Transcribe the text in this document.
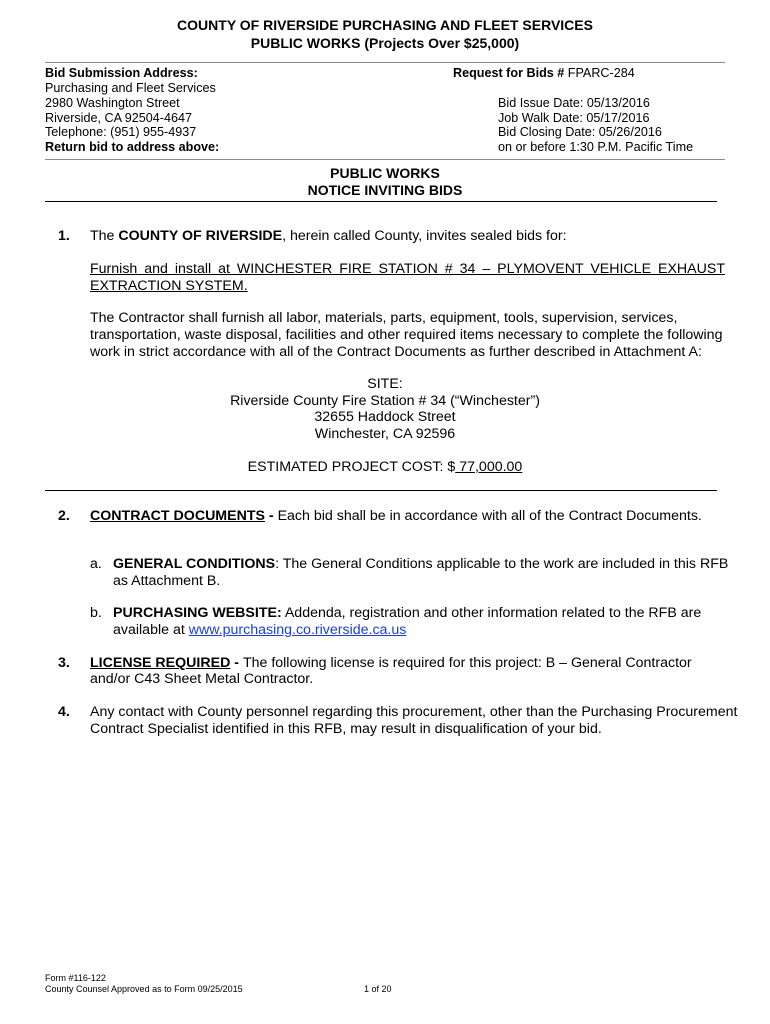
COUNTY OF RIVERSIDE PURCHASING AND FLEET SERVICES
PUBLIC WORKS (Projects Over $25,000)
Bid Submission Address:
Purchasing and Fleet Services
2980 Washington Street
Riverside, CA 92504-4647
Telephone: (951) 955-4937
Return bid to address above:
Request for Bids # FPARC-284
Bid Issue Date: 05/13/2016
Job Walk Date: 05/17/2016
Bid Closing Date: 05/26/2016
on or before 1:30 P.M. Pacific Time
PUBLIC WORKS
NOTICE INVITING BIDS
1. The COUNTY OF RIVERSIDE, herein called County, invites sealed bids for:
Furnish and install at WINCHESTER FIRE STATION # 34 – PLYMOVENT VEHICLE EXHAUST
EXTRACTION SYSTEM.
The Contractor shall furnish all labor, materials, parts, equipment, tools, supervision, services,
transportation, waste disposal, facilities and other required items necessary to complete the following
work in strict accordance with all of the Contract Documents as further described in Attachment A:
SITE:
Riverside County Fire Station # 34 (“Winchester”)
32655 Haddock Street
Winchester, CA 92596
ESTIMATED PROJECT COST: $ 77,000.00
2. CONTRACT DOCUMENTS - Each bid shall be in accordance with all of the Contract Documents.
a. GENERAL CONDITIONS: The General Conditions applicable to the work are included in this RFB
as Attachment B.
b. PURCHASING WEBSITE: Addenda, registration and other information related to the RFB are
available at www.purchasing.co.riverside.ca.us
3. LICENSE REQUIRED - The following license is required for this project: B – General Contractor
and/or C43 Sheet Metal Contractor.
4. Any contact with County personnel regarding this procurement, other than the Purchasing Procurement
Contract Specialist identified in this RFB, may result in disqualification of your bid.
Form #116-122
County Counsel Approved as to Form 09/25/2015	1 of 20
